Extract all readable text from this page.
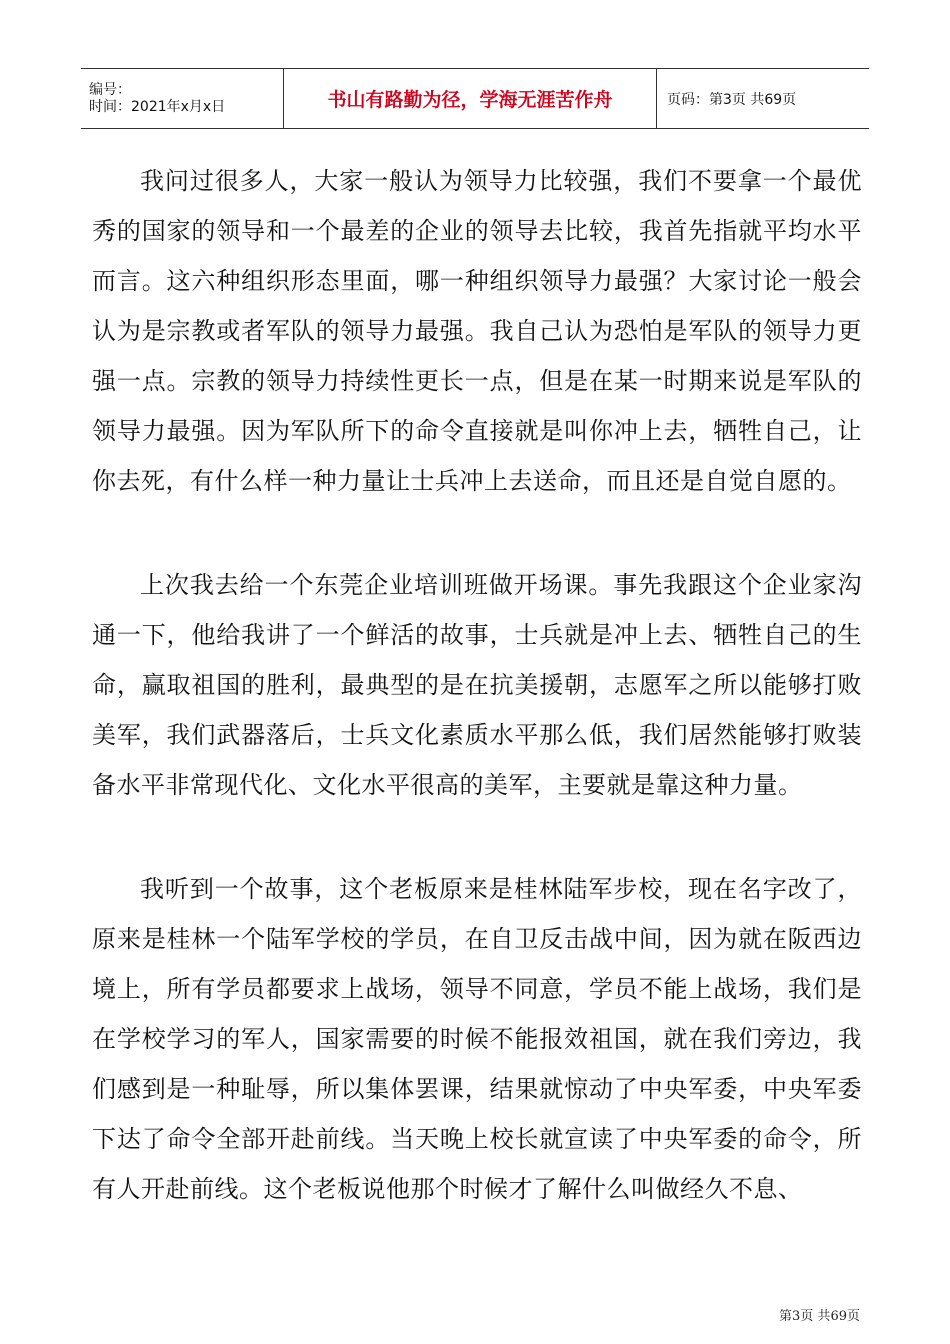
编号：
时间：2021年x月x日	书山有路勤为径，学海无涯苦作舟	页码：第3页 共69页

我问过很多人，大家一般认为领导力比较强，我们不要拿一个最优秀的国家的领导和一个最差的企业的领导去比较，我首先指就平均水平而言。这六种组织形态里面，哪一种组织领导力最强？大家讨论一般会认为是宗教或者军队的领导力最强。我自己认为恐怕是军队的领导力更强一点。宗教的领导力持续性更长一点，但是在某一时期来说是军队的领导力最强。因为军队所下的命令直接就是叫你冲上去，牺牲自己，让你去死，有什么样一种力量让士兵冲上去送命，而且还是自觉自愿的。

上次我去给一个东莞企业培训班做开场课。事先我跟这个企业家沟通一下，他给我讲了一个鲜活的故事，士兵就是冲上去、牺牲自己的生命，赢取祖国的胜利，最典型的是在抗美援朝，志愿军之所以能够打败美军，我们武器落后，士兵文化素质水平那么低，我们居然能够打败装备水平非常现代化、文化水平很高的美军，主要就是靠这种力量。

我听到一个故事，这个老板原来是桂林陆军步校，现在名字改了，原来是桂林一个陆军学校的学员，在自卫反击战中间，因为就在阪西边境上，所有学员都要求上战场，领导不同意，学员不能上战场，我们是在学校学习的军人，国家需要的时候不能报效祖国，就在我们旁边，我们感到是一种耻辱，所以集体罢课，结果就惊动了中央军委，中央军委下达了命令全部开赴前线。当天晚上校长就宣读了中央军委的命令，所有人开赴前线。这个老板说他那个时候才了解什么叫做经久不息、

第3页 共69页
